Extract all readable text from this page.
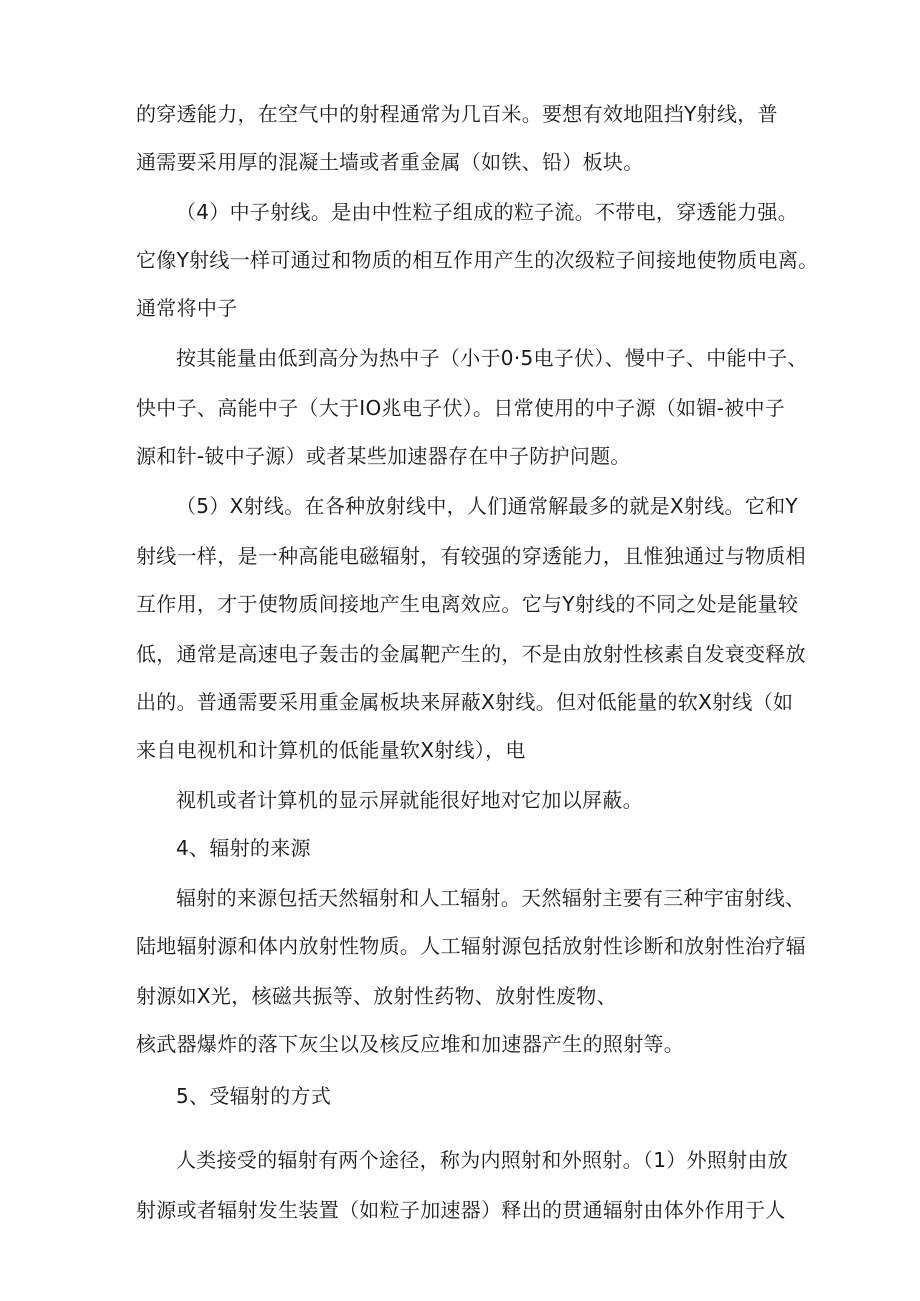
的穿透能力，在空气中的射程通常为几百米。要想有效地阻挡Y射线，普
通需要采用厚的混凝土墙或者重金属（如铁、铅）板块。
（4）中子射线。是由中性粒子组成的粒子流。不带电，穿透能力强。
它像Y射线一样可通过和物质的相互作用产生的次级粒子间接地使物质电离。
通常将中子
按其能量由低到高分为热中子（小于0·5电子伏）、慢中子、中能中子、
快中子、高能中子（大于IO兆电子伏）。日常使用的中子源（如镅-被中子
源和针-铍中子源）或者某些加速器存在中子防护问题。
（5）X射线。在各种放射线中，人们通常解最多的就是X射线。它和Y
射线一样，是一种高能电磁辐射，有较强的穿透能力，且惟独通过与物质相
互作用，才于使物质间接地产生电离效应。它与Y射线的不同之处是能量较
低，通常是高速电子轰击的金属靶产生的，不是由放射性核素自发衰变释放
出的。普通需要采用重金属板块来屏蔽X射线。但对低能量的软X射线（如
来自电视机和计算机的低能量软X射线），电
视机或者计算机的显示屏就能很好地对它加以屏蔽。
4、辐射的来源
辐射的来源包括天然辐射和人工辐射。天然辐射主要有三种宇宙射线、
陆地辐射源和体内放射性物质。人工辐射源包括放射性诊断和放射性治疗辐
射源如X光，核磁共振等、放射性药物、放射性废物、
核武器爆炸的落下灰尘以及核反应堆和加速器产生的照射等。
5、受辐射的方式
人类接受的辐射有两个途径，称为内照射和外照射。（1）外照射由放
射源或者辐射发生装置（如粒子加速器）释出的贯通辐射由体外作用于人
